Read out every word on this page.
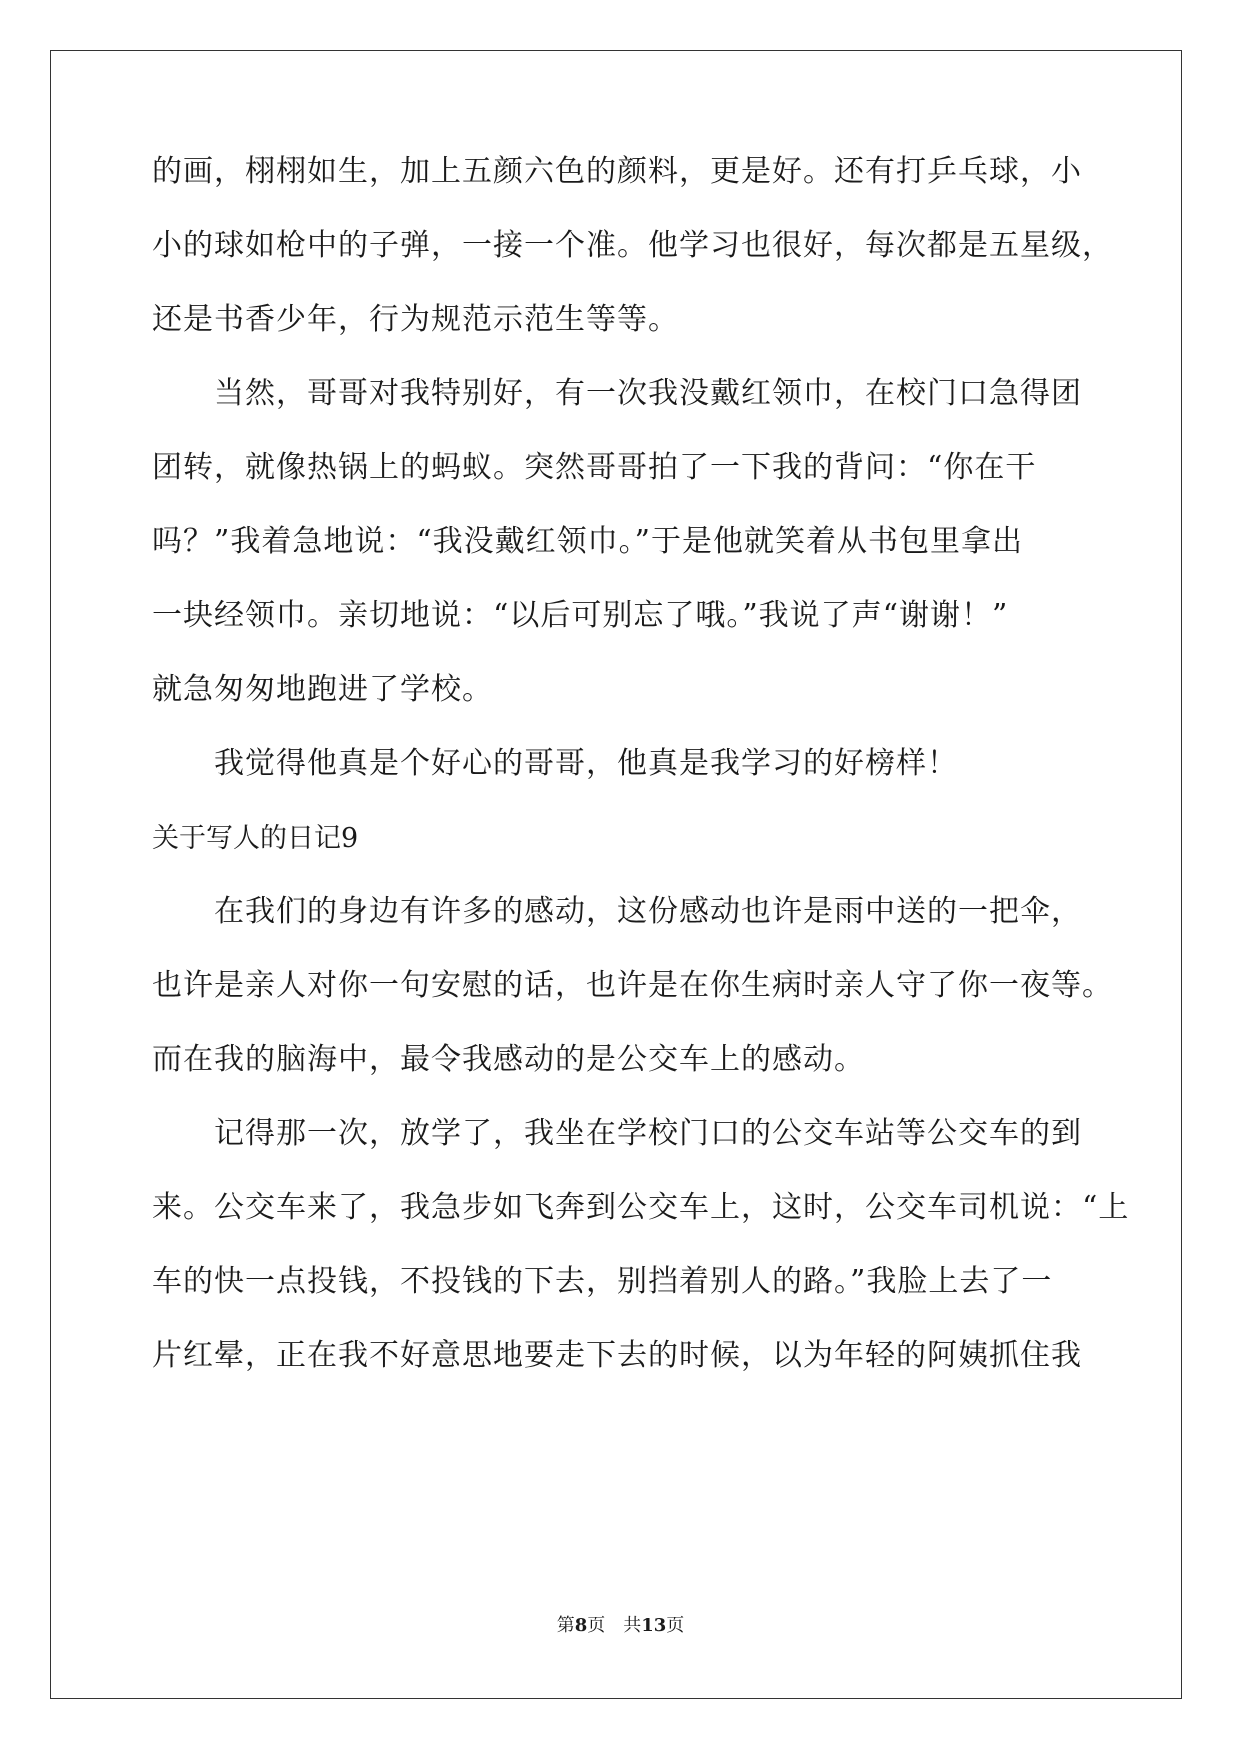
的画，栩栩如生，加上五颜六色的颜料，更是好。还有打乒乓球，小
小的球如枪中的子弹，一接一个准。他学习也很好，每次都是五星级，
还是书香少年，行为规范示范生等等。
当然，哥哥对我特别好，有一次我没戴红领巾，在校门口急得团
团转，就像热锅上的蚂蚁。突然哥哥拍了一下我的背问：“你在干
吗？”我着急地说：“我没戴红领巾。”于是他就笑着从书包里拿出
一块经领巾。亲切地说：“以后可别忘了哦。”我说了声“谢谢！”
就急匆匆地跑进了学校。
我觉得他真是个好心的哥哥，他真是我学习的好榜样！
关于写人的日记9
在我们的身边有许多的感动，这份感动也许是雨中送的一把伞，
也许是亲人对你一句安慰的话，也许是在你生病时亲人守了你一夜等。
而在我的脑海中，最令我感动的是公交车上的感动。
记得那一次，放学了，我坐在学校门口的公交车站等公交车的到
来。公交车来了，我急步如飞奔到公交车上，这时，公交车司机说：“上
车的快一点投钱，不投钱的下去，别挡着别人的路。”我脸上去了一
片红晕，正在我不好意思地要走下去的时候，以为年轻的阿姨抓住我
第8页 共13页
